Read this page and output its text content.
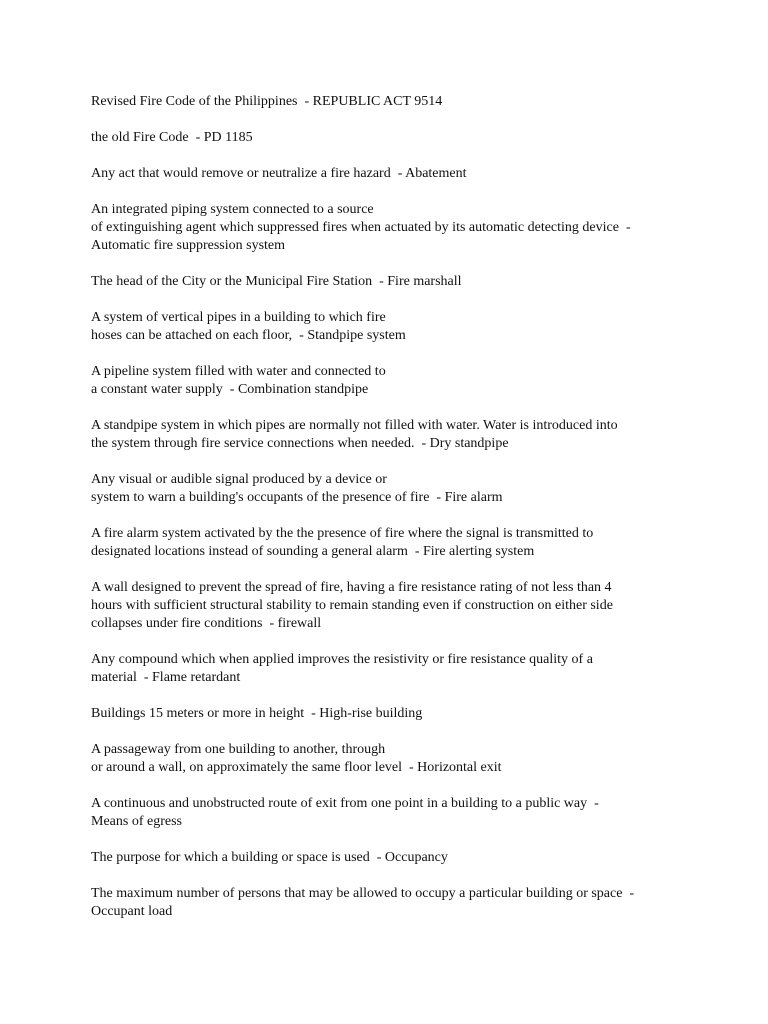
Revised Fire Code of the Philippines  - REPUBLIC ACT 9514
the old Fire Code  - PD 1185
Any act that would remove or neutralize a fire hazard  - Abatement
An integrated piping system connected to a source
of extinguishing agent which suppressed fires when actuated by its automatic detecting device  -
Automatic fire suppression system
The head of the City or the Municipal Fire Station  - Fire marshall
A system of vertical pipes in a building to which fire
hoses can be attached on each floor,  - Standpipe system
A pipeline system filled with water and connected to
a constant water supply  - Combination standpipe
A standpipe system in which pipes are normally not filled with water. Water is introduced into
the system through fire service connections when needed.  - Dry standpipe
Any visual or audible signal produced by a device or
system to warn a building's occupants of the presence of fire  - Fire alarm
A fire alarm system activated by the the presence of fire where the signal is transmitted to
designated locations instead of sounding a general alarm  - Fire alerting system
A wall designed to prevent the spread of fire, having a fire resistance rating of not less than 4
hours with sufficient structural stability to remain standing even if construction on either side
collapses under fire conditions  - firewall
Any compound which when applied improves the resistivity or fire resistance quality of a
material  - Flame retardant
Buildings 15 meters or more in height  - High-rise building
A passageway from one building to another, through
or around a wall, on approximately the same floor level  - Horizontal exit
A continuous and unobstructed route of exit from one point in a building to a public way  -
Means of egress
The purpose for which a building or space is used  - Occupancy
The maximum number of persons that may be allowed to occupy a particular building or space  -
Occupant load
